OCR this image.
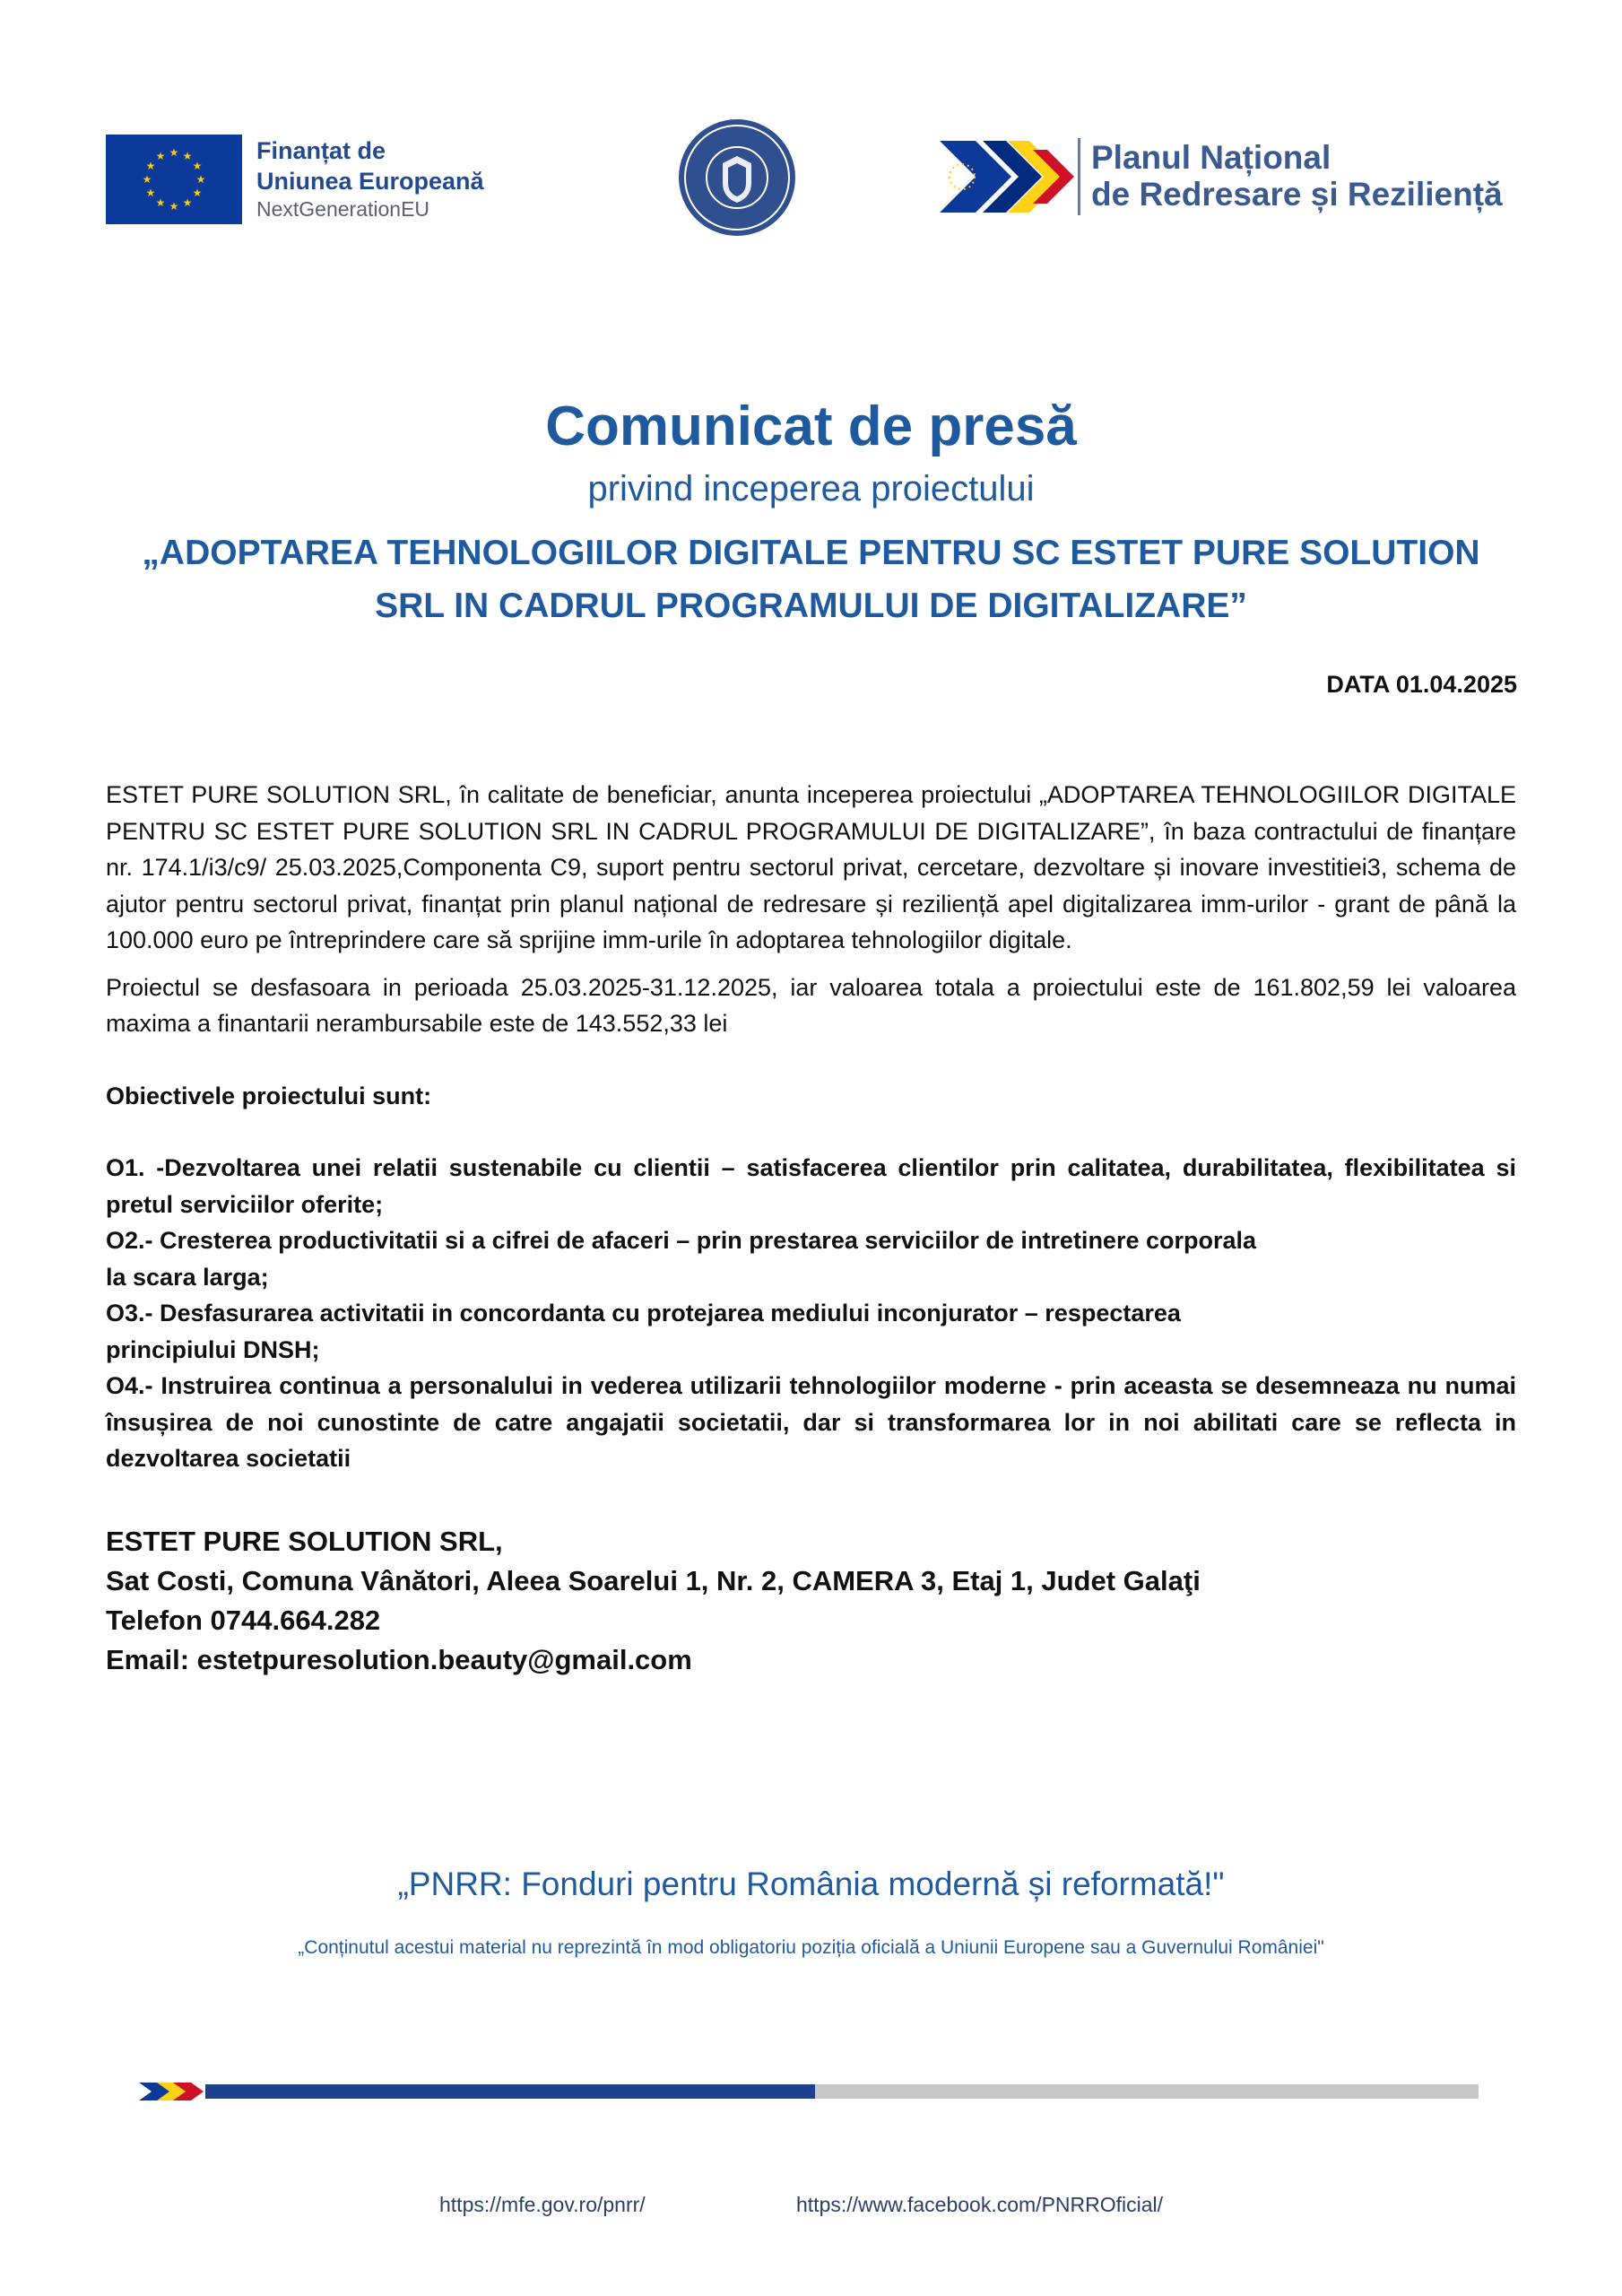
★ ★
★
★
★
★
★
★
★
★
★
★	Finanțat de
Uniunea Europeană
NextGenerationEU
Planul Național
de Redresare și Reziliență
Comunicat de presă
privind inceperea proiectului
„ADOPTAREA TEHNOLOGIILOR DIGITALE PENTRU SC ESTET PURE SOLUTION
SRL IN CADRUL PROGRAMULUI DE DIGITALIZARE”
DATA 01.04.2025

ESTET PURE SOLUTION SRL, în calitate de beneficiar, anunta inceperea proiectului „ADOPTAREA TEHNOLOGIILOR DIGITALE PENTRU SC ESTET PURE SOLUTION SRL IN CADRUL PROGRAMULUI DE DIGITALIZARE”, în baza contractului de finanțare nr. 174.1/i3/c9/ 25.03.2025,Componenta C9, suport pentru sectorul privat, cercetare, dezvoltare și inovare investitiei3, schema de ajutor pentru sectorul privat, finanțat prin planul național de redresare și reziliență apel digitalizarea imm-urilor - grant de până la 100.000 euro pe întreprindere care să sprijine imm-urile în adoptarea tehnologiilor digitale.

Proiectul se desfasoara in perioada 25.03.2025-31.12.2025, iar valoarea totala a proiectului este de 161.802,59 lei valoarea maxima a finantarii nerambursabile este de 143.552,33 lei

Obiectivele proiectului sunt:

O1. -Dezvoltarea unei relatii sustenabile cu clientii – satisfacerea clientilor prin calitatea, durabilitatea, flexibilitatea si pretul serviciilor oferite;

O2.- Cresterea productivitatii si a cifrei de afaceri – prin prestarea serviciilor de intretinere corporala

la scara larga;

O3.- Desfasurarea activitatii in concordanta cu protejarea mediului inconjurator – respectarea

principiului DNSH;

O4.- Instruirea continua a personalului in vederea utilizarii tehnologiilor moderne - prin aceasta se desemneaza nu numai însușirea de noi cunostinte de catre angajatii societatii, dar si transformarea lor in noi abilitati care se reflecta in dezvoltarea societatii

ESTET PURE SOLUTION SRL,
Sat Costi, Comuna Vânători, Aleea Soarelui 1, Nr. 2, CAMERA 3, Etaj 1, Judet Galaţi
Telefon 0744.664.282
Email: estetpuresolution.beauty@gmail.com
„PNRR: Fonduri pentru România modernă și reformată!"
„Conținutul acestui material nu reprezintă în mod obligatoriu poziția oficială a Uniunii Europene sau a Guvernului României"
https://mfe.gov.ro/pnrr/	https://www.facebook.com/PNRROficial/
